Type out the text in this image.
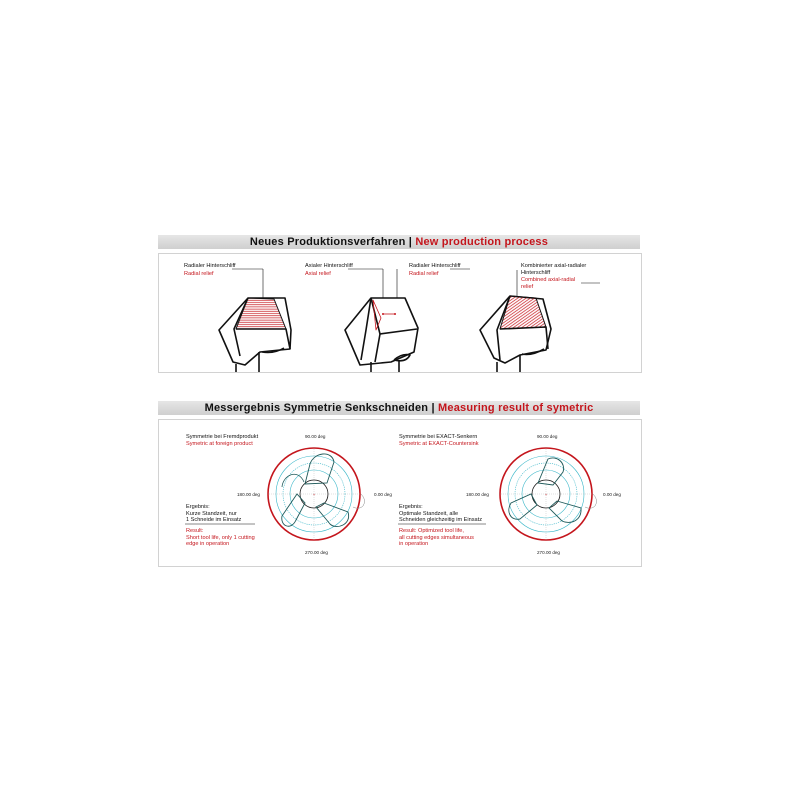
Neues Produktionsverfahren | New production process
Radialer Hinterschliff
Radial relief
Axialer Hinterschliff
Axial relief
Radialer Hinterschliff
Radial relief
Kombinierter axial-radialer
Hinterschliff
Combined axial-radial
relief
Messergebnis Symmetrie Senkschneiden | Measuring result of symetric
Symmetrie bei Fremdprodukt
Symetric at foreign product
Ergebnis:
Kurze Standzeit, nur
1 Schneide im Einsatz
Result:
Short tool life, only 1 cutting
edge in operation
90.00 deg
0.00 deg
180.00 deg
270.00 deg
Symmetrie bei EXACT-Senkern
Symetric at EXACT-Countersink
Ergebnis:
Optimale Standzeit, alle
Schneiden gleichzeitig im Einsatz
Result: Optimized tool life,
all cutting edges simultaneous
in operation
90.00 deg
0.00 deg
180.00 deg
270.00 deg
+	+
